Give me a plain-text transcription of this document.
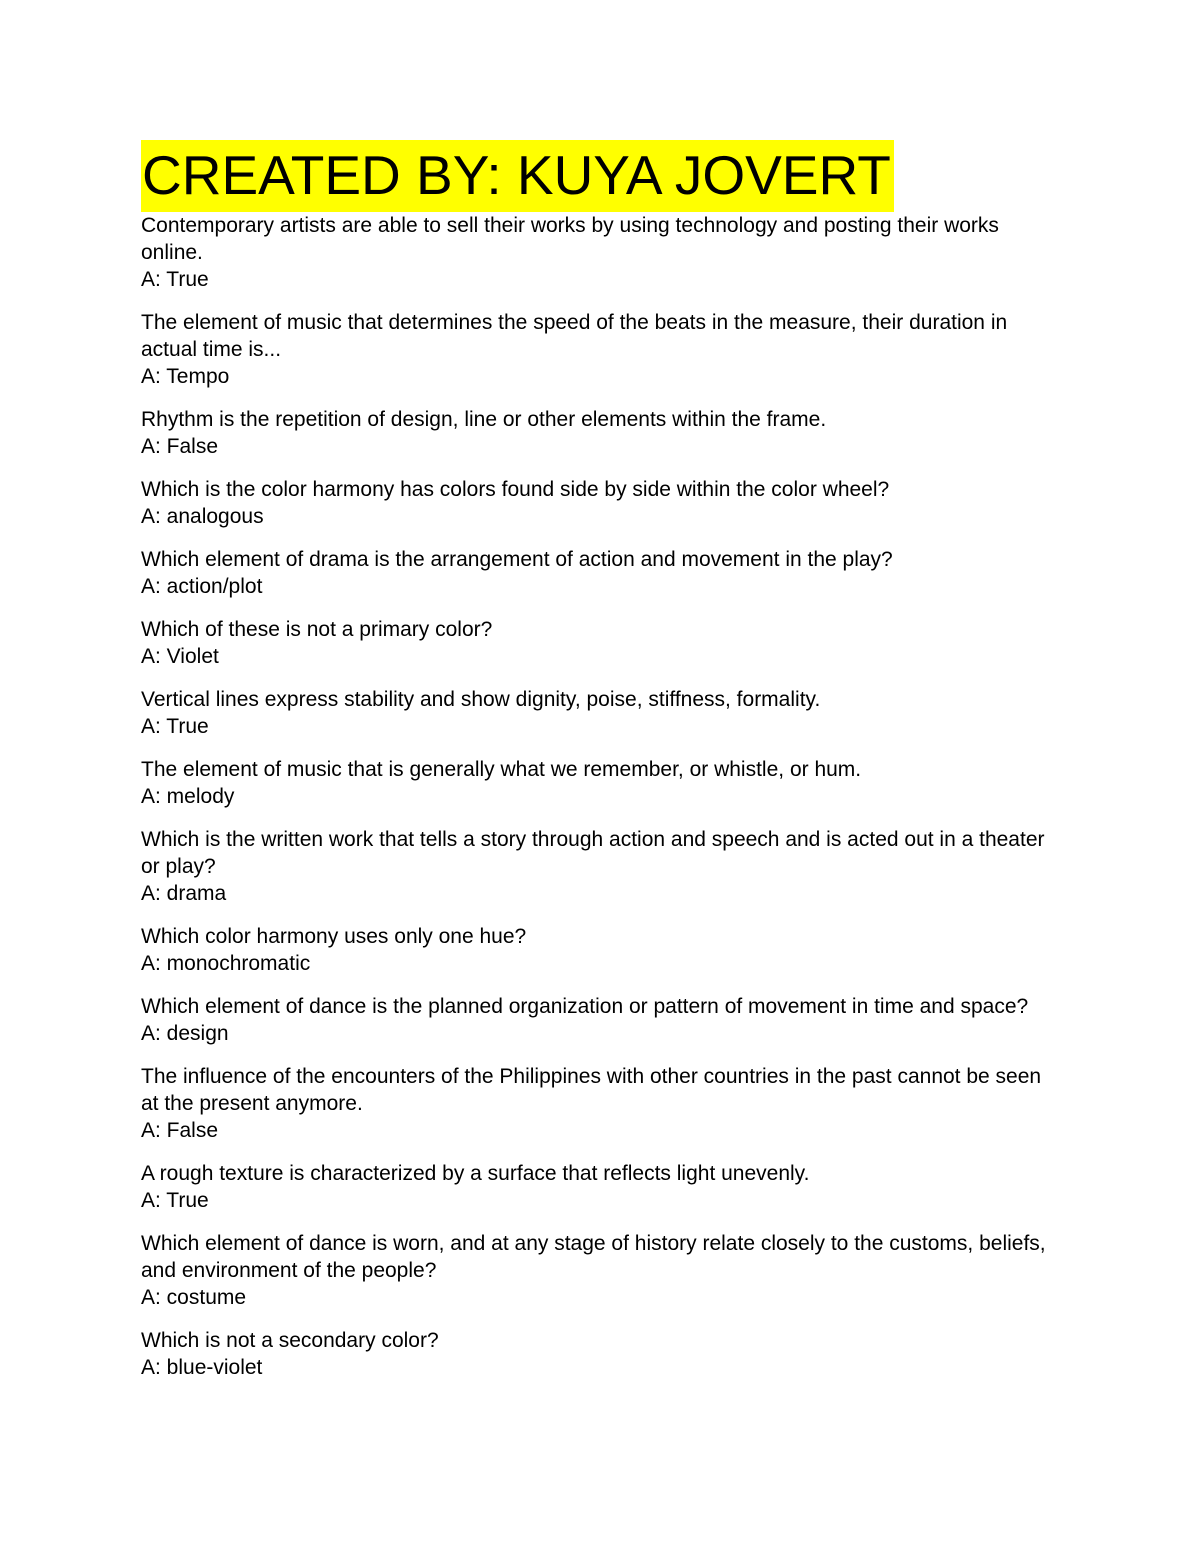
CREATED BY: KUYA JOVERT

Contemporary artists are able to sell their works by using technology and posting their works online.
A: True

The element of music that determines the speed of the beats in the measure, their duration in actual time is...
A: Tempo

Rhythm is the repetition of design, line or other elements within the frame.
A: False

Which is the color harmony has colors found side by side within the color wheel?
A: analogous

Which element of drama is the arrangement of action and movement in the play?
A: action/plot

Which of these is not a primary color?
A: Violet

Vertical lines express stability and show dignity, poise, stiffness, formality.
A: True

The element of music that is generally what we remember, or whistle, or hum.
A: melody

Which is the written work that tells a story through action and speech and is acted out in a theater or play?
A: drama

Which color harmony uses only one hue?
A: monochromatic

Which element of dance is the planned organization or pattern of movement in time and space?
A: design

The influence of the encounters of the Philippines with other countries in the past cannot be seen at the present anymore.
A: False

A rough texture is characterized by a surface that reflects light unevenly.
A: True

Which element of dance is worn, and at any stage of history relate closely to the customs, beliefs, and environment of the people?
A: costume

Which is not a secondary color?
A: blue-violet
